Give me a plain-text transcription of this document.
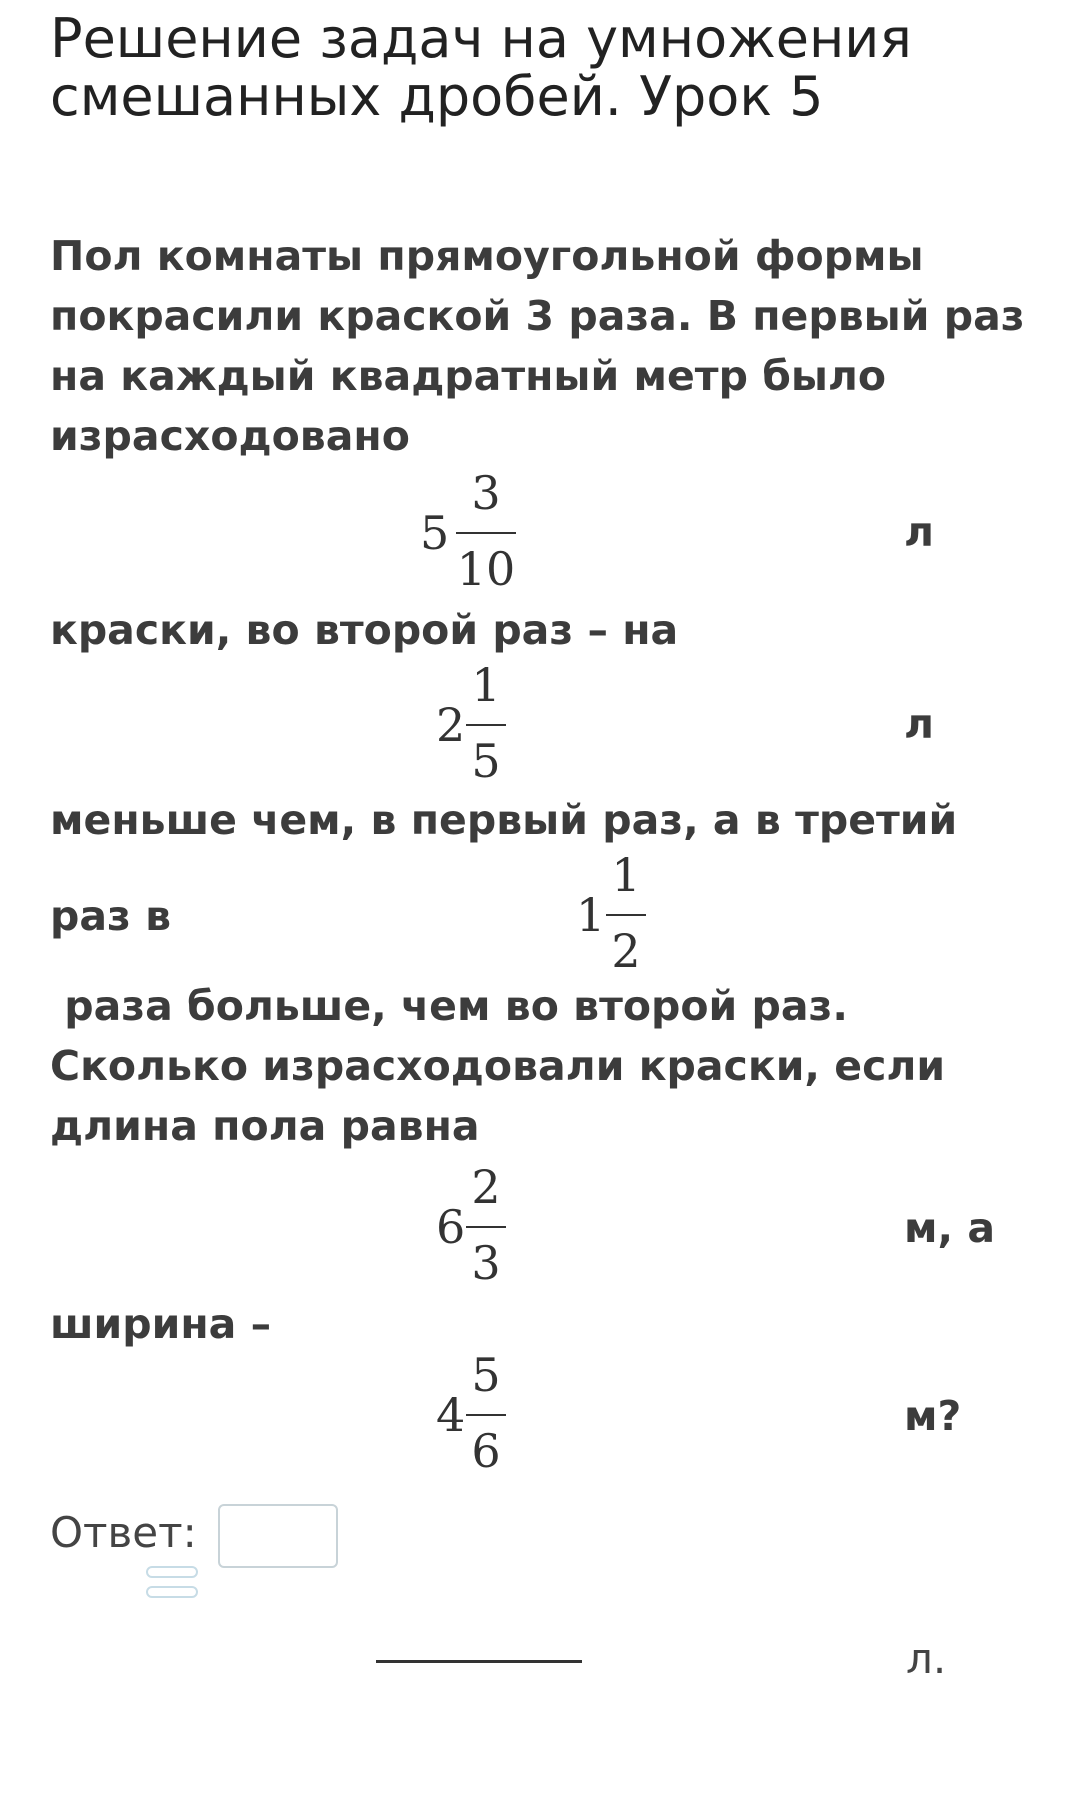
Решение задач на умножения смешанных дробей. Урок 5
Пол комнаты прямоугольной формы покрасили краской 3 раза. В первый раз на каждый квадратный метр было израсходовано
5
3
10
л
краски, во второй раз – на
2
1
5
л
меньше чем, в первый раз, а в третий
раз в	1
1
2
раза больше, чем во второй раз. Сколько израсходовали краски, если длина пола равна
6
2
3
м, а
ширина –
4
5
6
м?
Ответ:
л.
